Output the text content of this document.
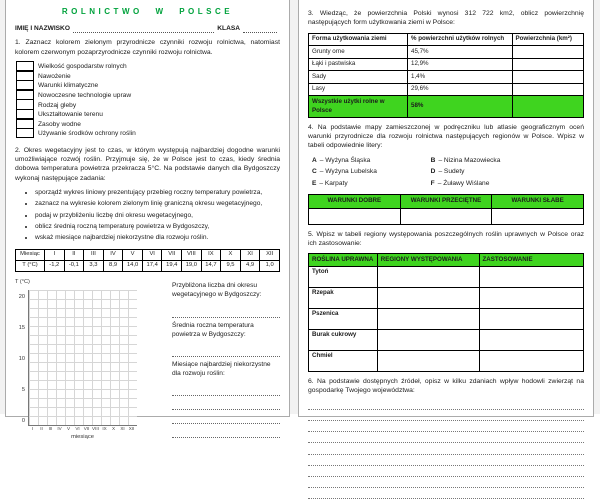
ROLNICTWO W POLSCE
IMIĘ I NAZWISKO	KLASA

1. Zaznacz kolorem zielonym przyrodnicze czynniki rozwoju rolnictwa, natomiast kolorem czerwonym pozaprzyrodnicze czynniki rozwoju rolnictwa.

Wielkość gospodarstw rolnych
Nawożenie
Warunki klimatyczne
Nowoczesne technologie upraw
Rodzaj gleby
Ukształtowanie terenu
Zasoby wodne
Używanie środków ochrony roślin

2. Okres wegetacyjny jest to czas, w którym występują najbardziej dogodne warunki umożliwiające rozwój roślin. Przyjmuje się, że w Polsce jest to czas, kiedy średnia dobowa temperatura powietrza przekracza 5°C. Na podstawie danych dla Bydgoszczy wykonaj następujące zadania:

• sporządź wykres liniowy prezentujący przebieg roczny temperatury powietrza,
• zaznacz na wykresie kolorem zielonym linię graniczną okresu wegetacyjnego,
• podaj w przybliżeniu liczbę dni okresu wegetacyjnego,
• oblicz średnią roczną temperaturę powietrza w Bydgoszczy,
• wskaż miesiące najbardziej niekorzystne dla rozwoju roślin.
Miesiąc	I	II	III	IV	V	VI	VII	VIII	IX	X	XI	XII
T (°C)	-1,2	-0,1	3,3	8,9	14,0	17,4	19,4	19,0	14,7	9,5	4,9	1,0
T (°C)
20
15
10
5
0
I	II	III	IV	V	VI VII VIII IX	X	XI XII
miesiące
Przybliżona liczba dni okresu wegetacyjnego w Bydgoszczy:
Średnia roczna temperatura powietrza w Bydgoszczy:
Miesiące najbardziej niekorzystne dla rozwoju roślin:

3. Wiedząc, że powierzchnia Polski wynosi 312 722 km2, oblicz powierzchnię następujących form użytkowania ziemi w Polsce:

Forma użytkowania ziemi	% powierzchni użytków rolnych	Powierzchnia (km²)
Grunty orne	45,7%	
Łąki i pastwiska	12,9%	
Sady	1,4%	
Lasy	29,6%	
Wszystkie użytki rolne w Polsce	58%	

4. Na podstawie mapy zamieszczonej w podręczniku lub atlasie geograficznym oceń warunki przyrodnicze dla rozwoju rolnictwa następujących regionów w Polsce. Wpisz w tabeli odpowiednie litery:

A – Wyżyna Śląska	B – Nizina Mazowiecka
C – Wyżyna Lubelska	D – Sudety
E – Karpaty	F – Żuławy Wiślane
WARUNKI DOBRE	WARUNKI PRZECIĘTNE	WARUNKI SŁABE

5. Wpisz w tabeli regiony występowania poszczególnych roślin uprawnych w Polsce oraz ich zastosowanie:

ROŚLINA UPRAWNA	REGIONY WYSTĘPOWANIA	ZASTOSOWANIE
Tytoń		
Rzepak		
Pszenica		
Burak cukrowy		
Chmiel		

6. Na podstawie dostępnych źródeł, opisz w kilku zdaniach wpływ hodowli zwierząt na gospodarkę Twojego województwa:
